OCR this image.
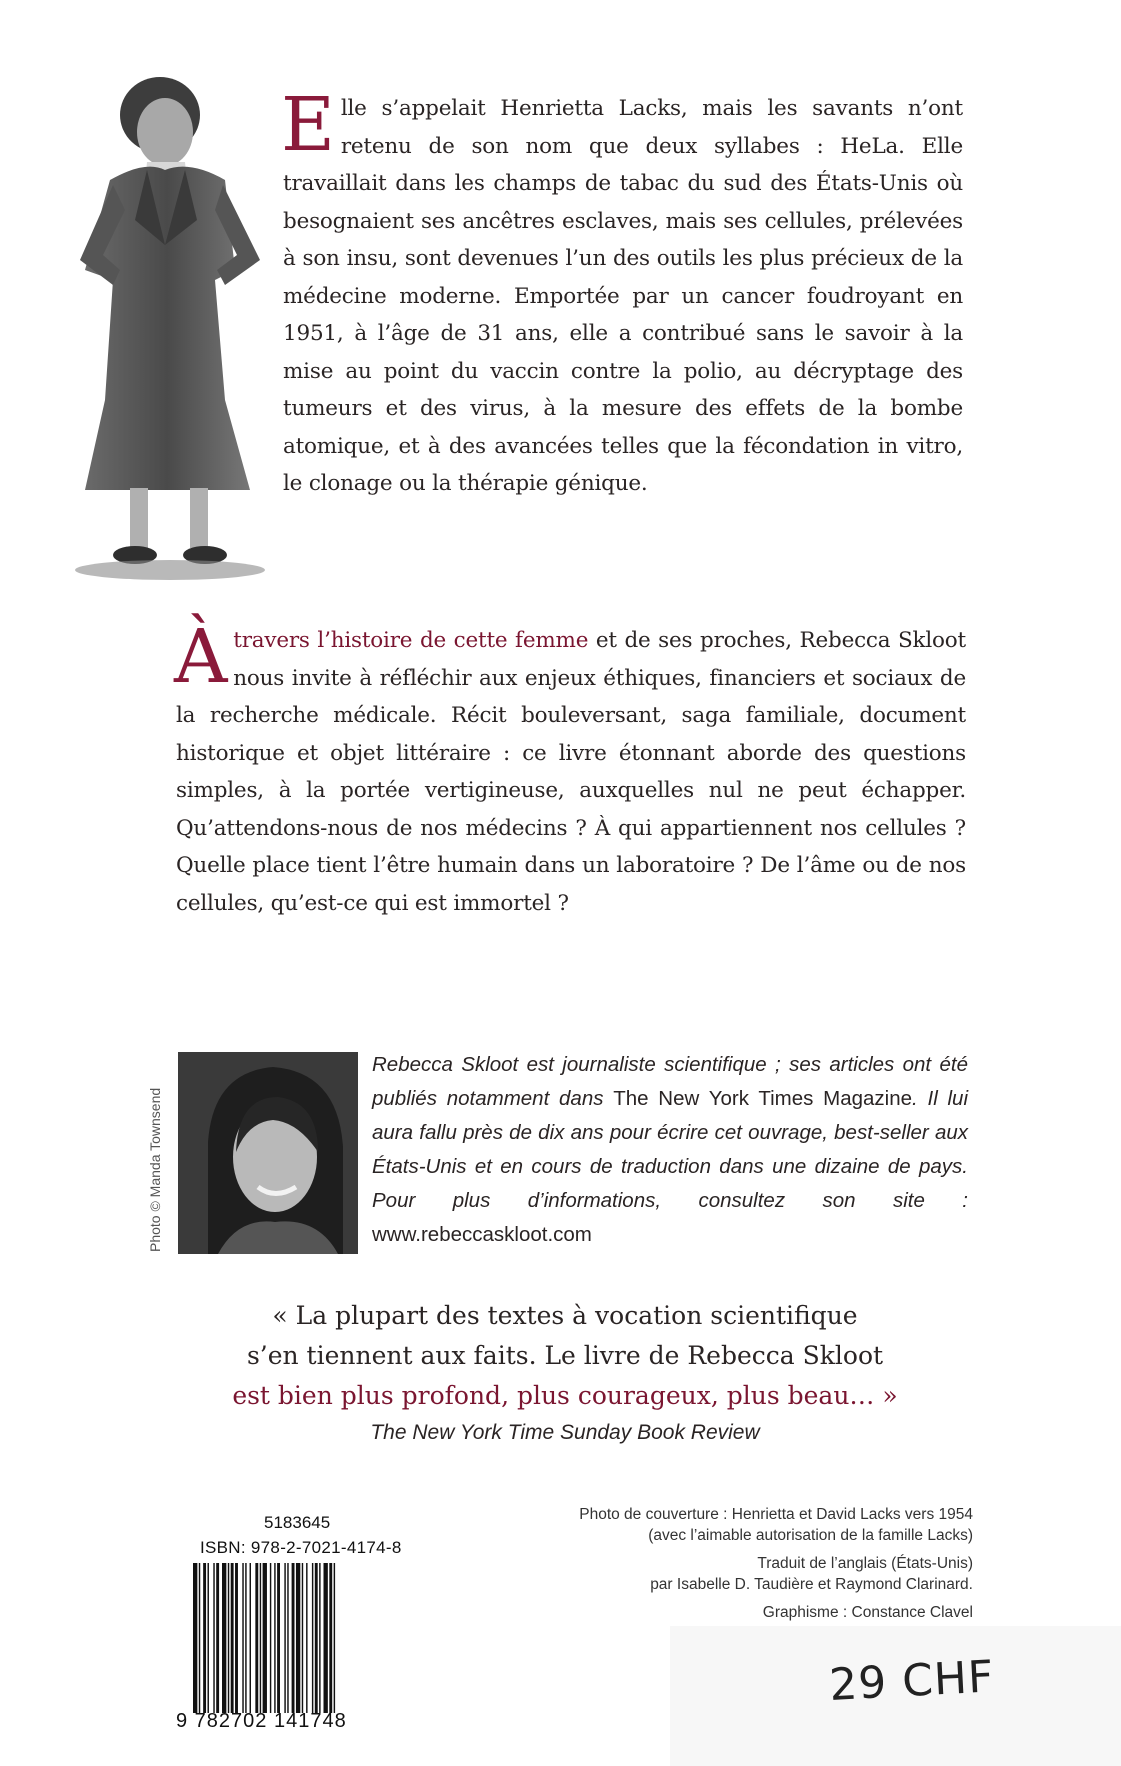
Elle s’appelait Henrietta Lacks, mais les savants n’ont retenu de son nom que deux syllabes : HeLa. Elle travaillait dans les champs de tabac du sud des États-Unis où besognaient ses ancêtres esclaves, mais ses cellules, prélevées à son insu, sont devenues l’un des outils les plus précieux de la médecine moderne. Emportée par un cancer foudroyant en 1951, à l’âge de 31 ans, elle a contribué sans le savoir à la mise au point du vaccin contre la polio, au décryptage des tumeurs et des virus, à la mesure des effets de la bombe atomique, et à des avancées telles que la fécondation in vitro, le clonage ou la thérapie génique.

Àtravers l’histoire de cette femme et de ses proches, Rebecca Skloot nous invite à réfléchir aux enjeux éthiques, financiers et sociaux de la recherche médicale. Récit bouleversant, saga familiale, document historique et objet littéraire : ce livre étonnant aborde des questions simples, à la portée vertigineuse, auxquelles nul ne peut échapper. Qu’attendons-nous de nos médecins ? À qui appartiennent nos cellules ? Quelle place tient l’être humain dans un laboratoire ? De l’âme ou de nos cellules, qu’est-ce qui est immortel ?

Photo © Manda Townsend

Rebecca Skloot est journaliste scientifique ; ses articles ont été publiés notamment dans The New York Times Magazine. Il lui aura fallu près de dix ans pour écrire cet ouvrage, best-seller aux États-Unis et en cours de traduction dans une dizaine de pays. Pour plus d’informations, consultez son site : www.rebeccaskloot.com

« La plupart des textes à vocation scientifique
s’en tiennent aux faits. Le livre de Rebecca Skloot
est bien plus profond, plus courageux, plus beau… »

The New York Time Sunday Book Review
5183645
ISBN: 978-2-7021-4174-8
9 782702 141748
Photo de couverture : Henrietta et David Lacks vers 1954
(avec l’aimable autorisation de la famille Lacks)
Traduit de l’anglais (États-Unis)
par Isabelle D. Taudière et Raymond Clarinard.
Graphisme : Constance Clavel
29 CHF
